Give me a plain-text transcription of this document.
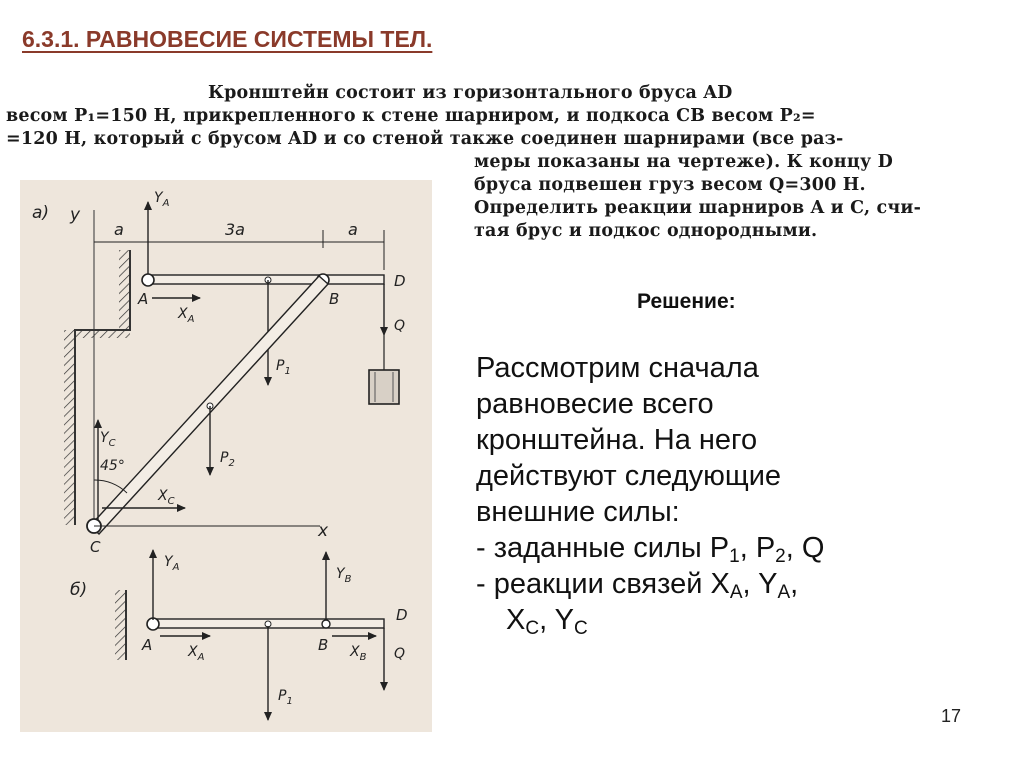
6.3.1. РАВНОВЕСИЕ СИСТЕМЫ ТЕЛ.
Кронштейн состоит из горизонтального бруса AD
весом P₁=150 Н, прикрепленного к стене шарниром, и подкоса CB весом P₂=
=120 Н, который с брусом AD и со стеной также соединен шарнирами (все раз-
меры показаны на чертеже). К концу D
бруса подвешен груз весом Q=300 Н.
Определить реакции шарниров A и C, счи-
тая брус и подкос однородными.
а) y
a	3a	a
$Y_A$
A	B
D
$X_A$
$P_1$
Q
$P_2$
C
$Y_C$
45°
$X_C$
x
б)
A	B
D
$Y_A$	$Y_B$
$X_A$	$X_B$
$P_1$
Q
Решение:
Рассмотрим сначала
равновесие всего
кронштейна. На него
действуют следующие
внешние силы:
- заданные силы $P_1$, $P_2$, Q
- реакции связей $X_A$, $Y_A$,
$X_C$, $Y_C$
17
